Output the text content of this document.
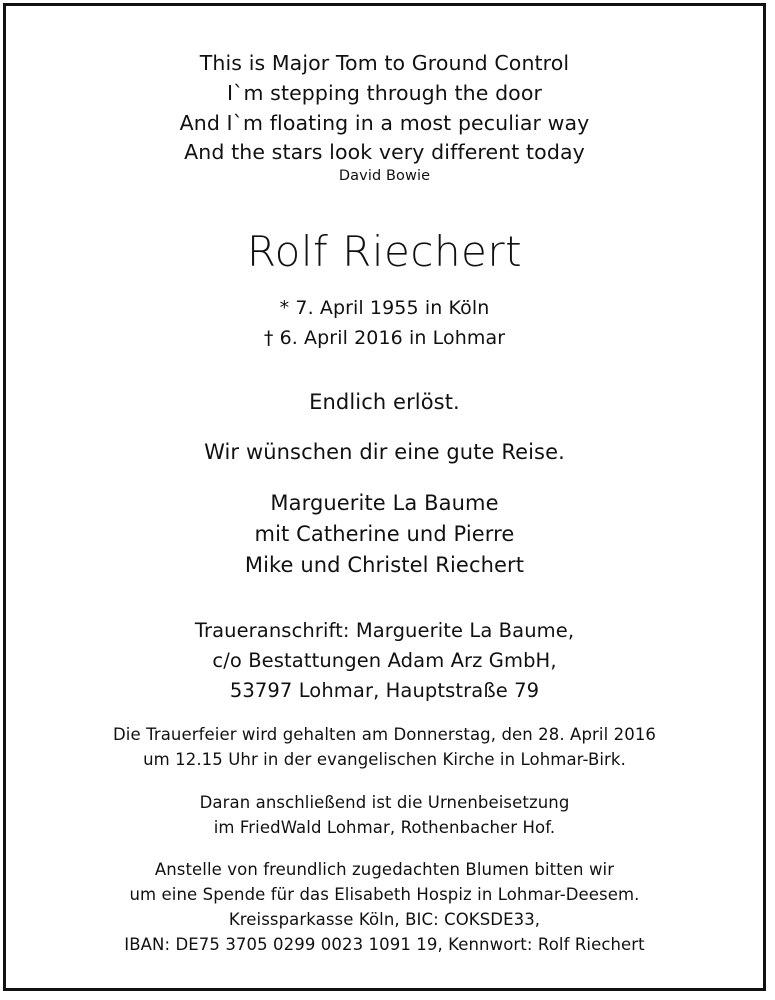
This is Major Tom to Ground Control
I`m stepping through the door
And I`m floating in a most peculiar way
And the stars look very different today
David Bowie
Rolf Riechert
* 7. April 1955 in Köln
† 6. April 2016 in Lohmar
Endlich erlöst.
Wir wünschen dir eine gute Reise.
Marguerite La Baume
mit Catherine und Pierre
Mike und Christel Riechert
Traueranschrift: Marguerite La Baume,
c/o Bestattungen Adam Arz GmbH,
53797 Lohmar, Hauptstraße 79
Die Trauerfeier wird gehalten am Donnerstag, den 28. April 2016
um 12.15 Uhr in der evangelischen Kirche in Lohmar-Birk.
Daran anschließend ist die Urnenbeisetzung
im FriedWald Lohmar, Rothenbacher Hof.
Anstelle von freundlich zugedachten Blumen bitten wir
um eine Spende für das Elisabeth Hospiz in Lohmar-Deesem.
Kreissparkasse Köln, BIC: COKSDE33,
IBAN: DE75 3705 0299 0023 1091 19, Kennwort: Rolf Riechert
